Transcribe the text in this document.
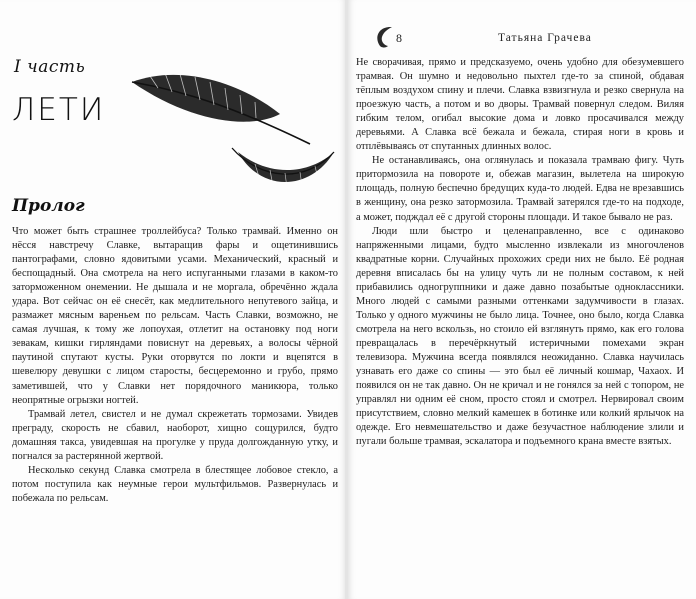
I часть
ЛЕТИ
Пролог

Что может быть страшнее троллейбуса? Только трамвай. Именно он нёсся навстречу Славке, вытаращив фары и ощетинившись пантографами, словно ядовитыми усами. Механический, красный и беспощадный. Она смотрела на него испуганными глазами в каком-то заторможенном онемении. Не дышала и не моргала, обречённо ждала удара. Вот сейчас он её снесёт, как медлительного непутевого зайца, и размажет мясным вареньем по рельсам. Часть Славки, возможно, не самая лучшая, к тому же лопоухая, отлетит на остановку под ноги зевакам, кишки гирляндами повиснут на деревьях, а волосы чёрной паутиной спутают кусты. Руки оторвутся по локти и вцепятся в шевелюру девушки с лицом старосты, бесцеремонно и грубо, прямо заметившей, что у Славки нет порядочного маникюра, только неопрятные огрызки ногтей.

Трамвай летел, свистел и не думал скрежетать тормозами. Увидев преграду, скорость не сбавил, наоборот, хищно сощурился, будто домашняя такса, увидевшая на прогулке у пруда долгожданную утку, и погнался за растерянной жертвой.

Несколько секунд Славка смотрела в блестящее лобовое стекло, а потом поступила как неумные герои мультфильмов. Развернулась и побежала по рельсам.

8	Татьяна Грачева

Не сворачивая, прямо и предсказуемо, очень удобно для обезумевшего трамвая. Он шумно и недовольно пыхтел где-то за спиной, обдавая тёплым воздухом спину и плечи. Славка взвизгнула и резко свернула на проезжую часть, а потом и во дворы. Трамвай повернул следом. Виляя гибким телом, огибал высокие дома и ловко просачивался между деревьями. А Славка всё бежала и бежала, стирая ноги в кровь и отплёвываясь от спутанных длинных волос.

Не останавливаясь, она оглянулась и показала трамваю фигу. Чуть притормозила на повороте и, обежав магазин, вылетела на широкую площадь, полную беспечно бредущих куда-то людей. Едва не врезавшись в женщину, она резко затормозила. Трамвай затерялся где-то на подходе, а может, подждал её с другой стороны площади. И такое бывало не раз.

Люди шли быстро и целенаправленно, все с одинаково напряженными лицами, будто мысленно извлекали из многочленов квадратные корни. Случайных прохожих среди них не было. Её родная деревня вписалась бы на улицу чуть ли не полным составом, к ней прибавились одногруппники и даже давно позабытые одноклассники. Много людей с самыми разными оттенками задумчивости в глазах. Только у одного мужчины не было лица. Точнее, оно было, когда Славка смотрела на него вскользь, но стоило ей взглянуть прямо, как его голова превращалась в перечёркнутый истеричными помехами экран телевизора. Мужчина всегда появлялся неожиданно. Славка научилась узнавать его даже со спины — это был её личный кошмар, Чахаох. И появился он не так давно. Он не кричал и не гонялся за ней с топором, не управлял ни одним её сном, просто стоял и смотрел. Нервировал своим присутствием, словно мелкий камешек в ботинке или колкий ярлычок на одежде. Его невмешательство и даже безучастное наблюдение злили и пугали больше трамвая, эскалатора и подъемного крана вместе взятых.
